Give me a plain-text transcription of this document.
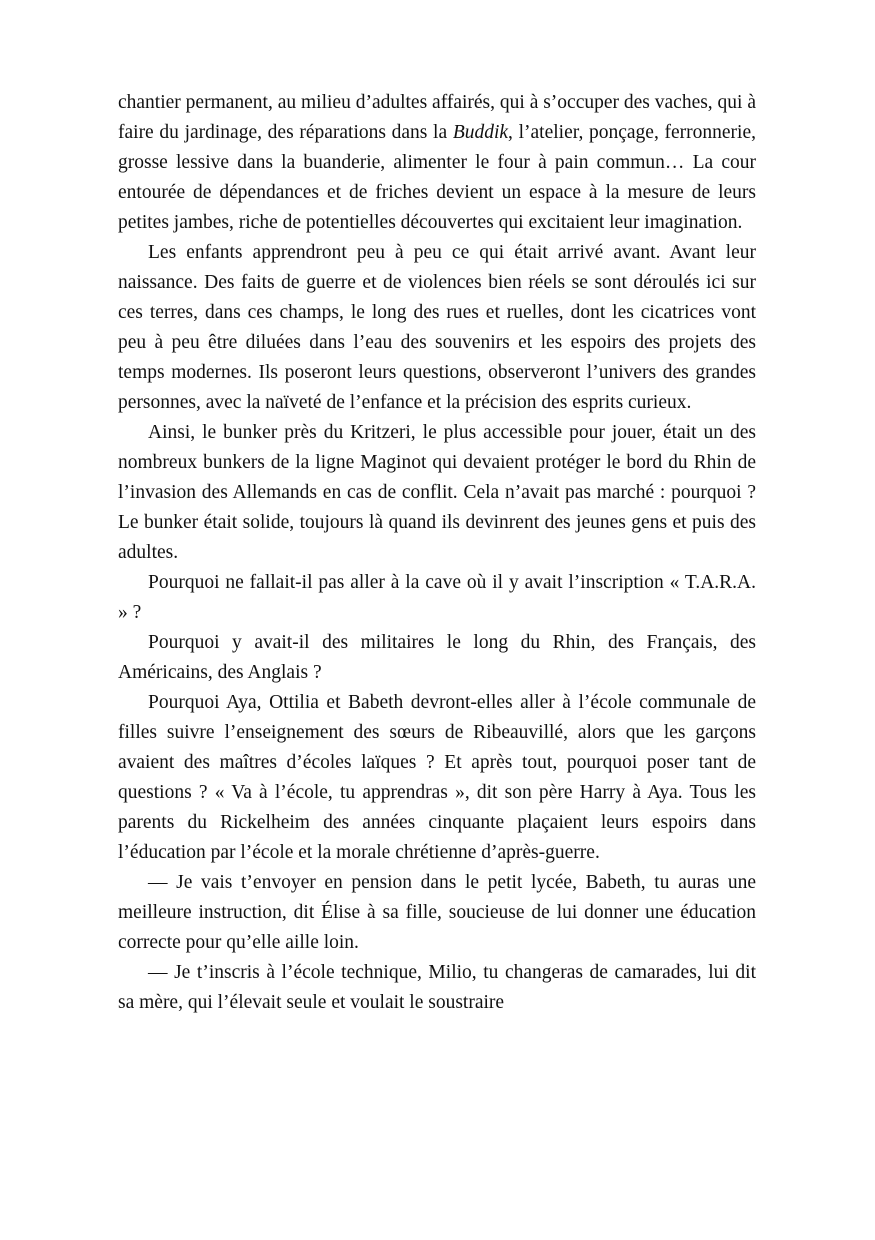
chantier permanent, au milieu d’adultes affairés, qui à s’occuper des vaches, qui à faire du jardinage, des réparations dans la Buddik, l’atelier, ponçage, ferronnerie, grosse lessive dans la buanderie, alimenter le four à pain commun… La cour entourée de dépendances et de friches devient un espace à la mesure de leurs petites jambes, riche de potentielles découvertes qui excitaient leur imagination.

Les enfants apprendront peu à peu ce qui était arrivé avant. Avant leur naissance. Des faits de guerre et de violences bien réels se sont déroulés ici sur ces terres, dans ces champs, le long des rues et ruelles, dont les cicatrices vont peu à peu être diluées dans l’eau des souvenirs et les espoirs des projets des temps modernes. Ils poseront leurs questions, observeront l’univers des grandes personnes, avec la naïveté de l’enfance et la précision des esprits curieux.

Ainsi, le bunker près du Kritzeri, le plus accessible pour jouer, était un des nombreux bunkers de la ligne Maginot qui devaient protéger le bord du Rhin de l’invasion des Allemands en cas de conflit. Cela n’avait pas marché : pourquoi ? Le bunker était solide, toujours là quand ils devinrent des jeunes gens et puis des adultes.

Pourquoi ne fallait-il pas aller à la cave où il y avait l’inscription « T.A.R.A. » ?

Pourquoi y avait-il des militaires le long du Rhin, des Français, des Américains, des Anglais ?

Pourquoi Aya, Ottilia et Babeth devront-elles aller à l’école communale de filles suivre l’enseignement des sœurs de Ribeauvillé, alors que les garçons avaient des maîtres d’écoles laïques ? Et après tout, pourquoi poser tant de questions ? « Va à l’école, tu apprendras », dit son père Harry à Aya. Tous les parents du Rickelheim des années cinquante plaçaient leurs espoirs dans l’éducation par l’école et la morale chrétienne d’après-guerre.

— Je vais t’envoyer en pension dans le petit lycée, Babeth, tu auras une meilleure instruction, dit Élise à sa fille, soucieuse de lui donner une éducation correcte pour qu’elle aille loin.

— Je t’inscris à l’école technique, Milio, tu changeras de camarades, lui dit sa mère, qui l’élevait seule et voulait le soustraire
